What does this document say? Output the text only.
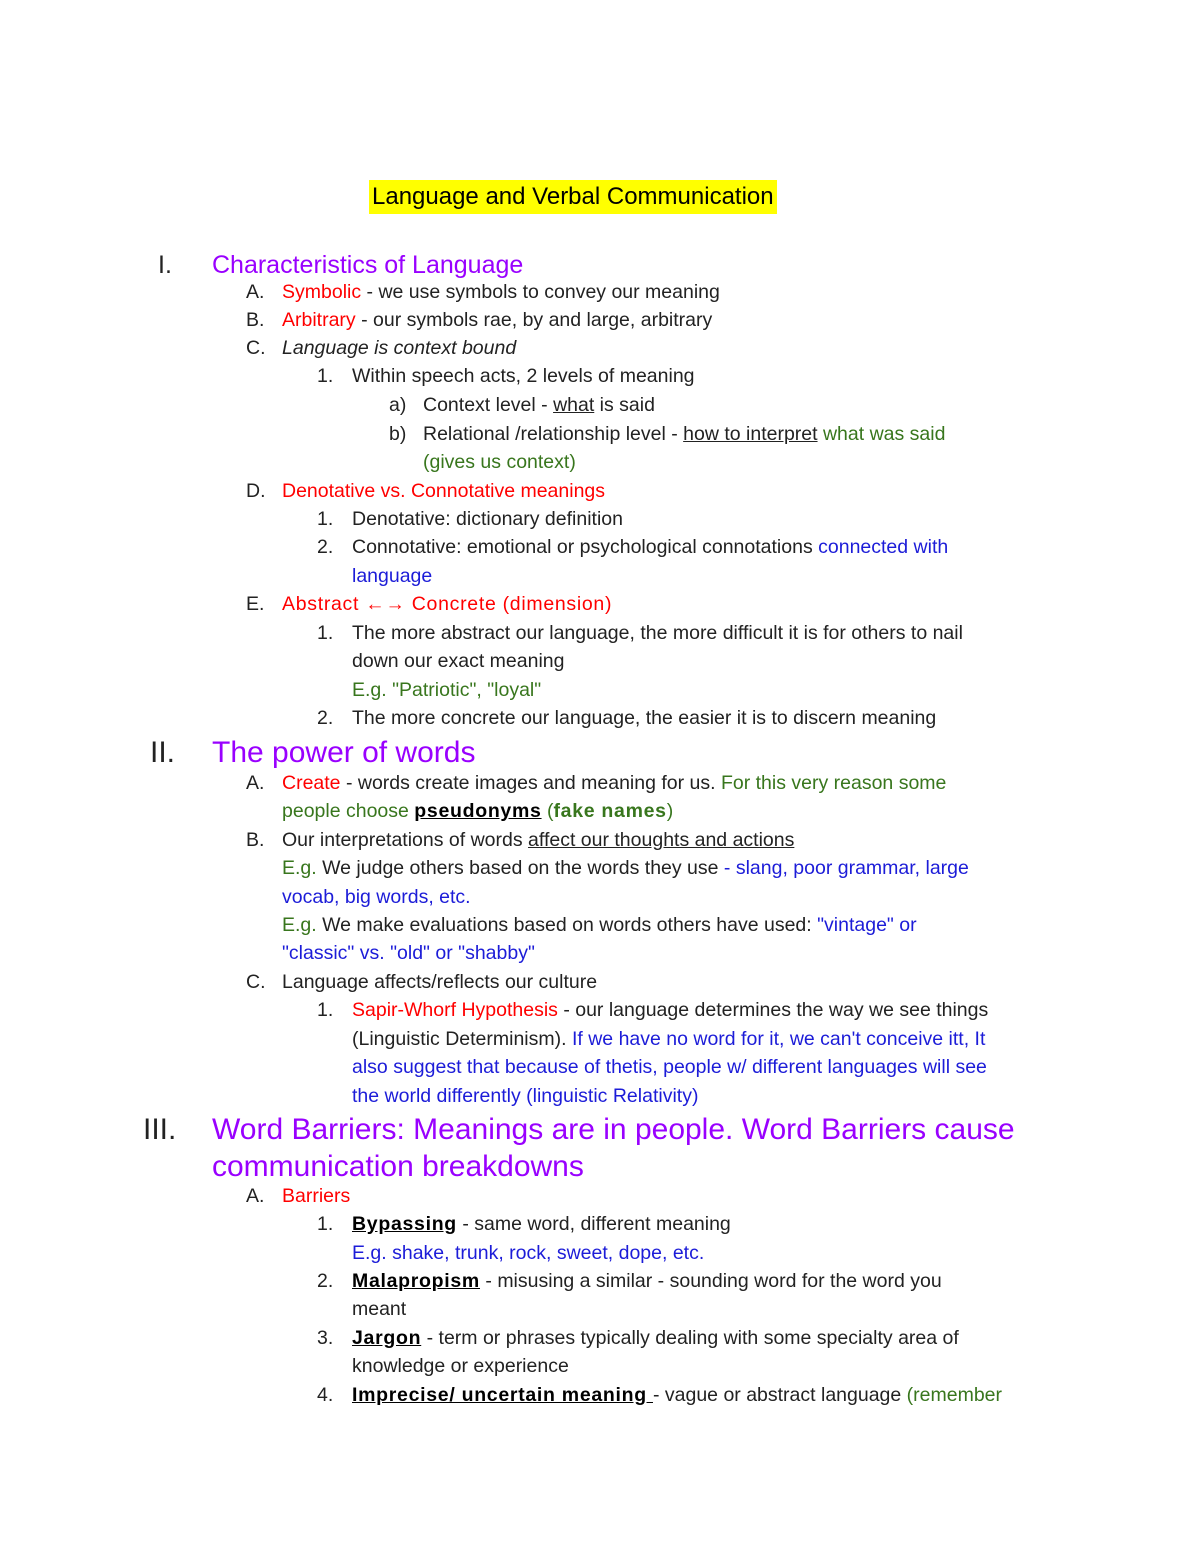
Language and Verbal Communication
I. Characteristics of Language
A. Symbolic - we use symbols to convey our meaning
B. Arbitrary - our symbols rae, by and large, arbitrary
C. Language is context bound
1. Within speech acts, 2 levels of meaning
a) Context level - what is said
b) Relational /relationship level - how to interpret what was said
(gives us context)
D. Denotative vs. Connotative meanings
1. Denotative: dictionary definition
2. Connotative: emotional or psychological connotations connected with
language
E. Abstract ←→ Concrete (dimension)
1. The more abstract our language, the more difficult it is for others to nail
down our exact meaning
E.g. "Patriotic", "loyal"
2. The more concrete our language, the easier it is to discern meaning
II. The power of words
A. Create - words create images and meaning for us. For this very reason some
people choose pseudonyms (fake names)
B. Our interpretations of words affect our thoughts and actions
E.g. We judge others based on the words they use - slang, poor grammar, large
vocab, big words, etc.
E.g. We make evaluations based on words others have used: "vintage" or
"classic" vs. "old" or "shabby"
C. Language affects/reflects our culture
1. Sapir-Whorf Hypothesis - our language determines the way we see things
(Linguistic Determinism). If we have no word for it, we can't conceive itt, It
also suggest that because of thetis, people w/ different languages will see
the world differently (linguistic Relativity)
III. Word Barriers: Meanings are in people. Word Barriers cause
communication breakdowns
A. Barriers
1. Bypassing - same word, different meaning
E.g. shake, trunk, rock, sweet, dope, etc.
2. Malapropism - misusing a similar - sounding word for the word you
meant
3. Jargon - term or phrases typically dealing with some specialty area of
knowledge or experience
4. Imprecise/ uncertain meaning - vague or abstract language (remember
